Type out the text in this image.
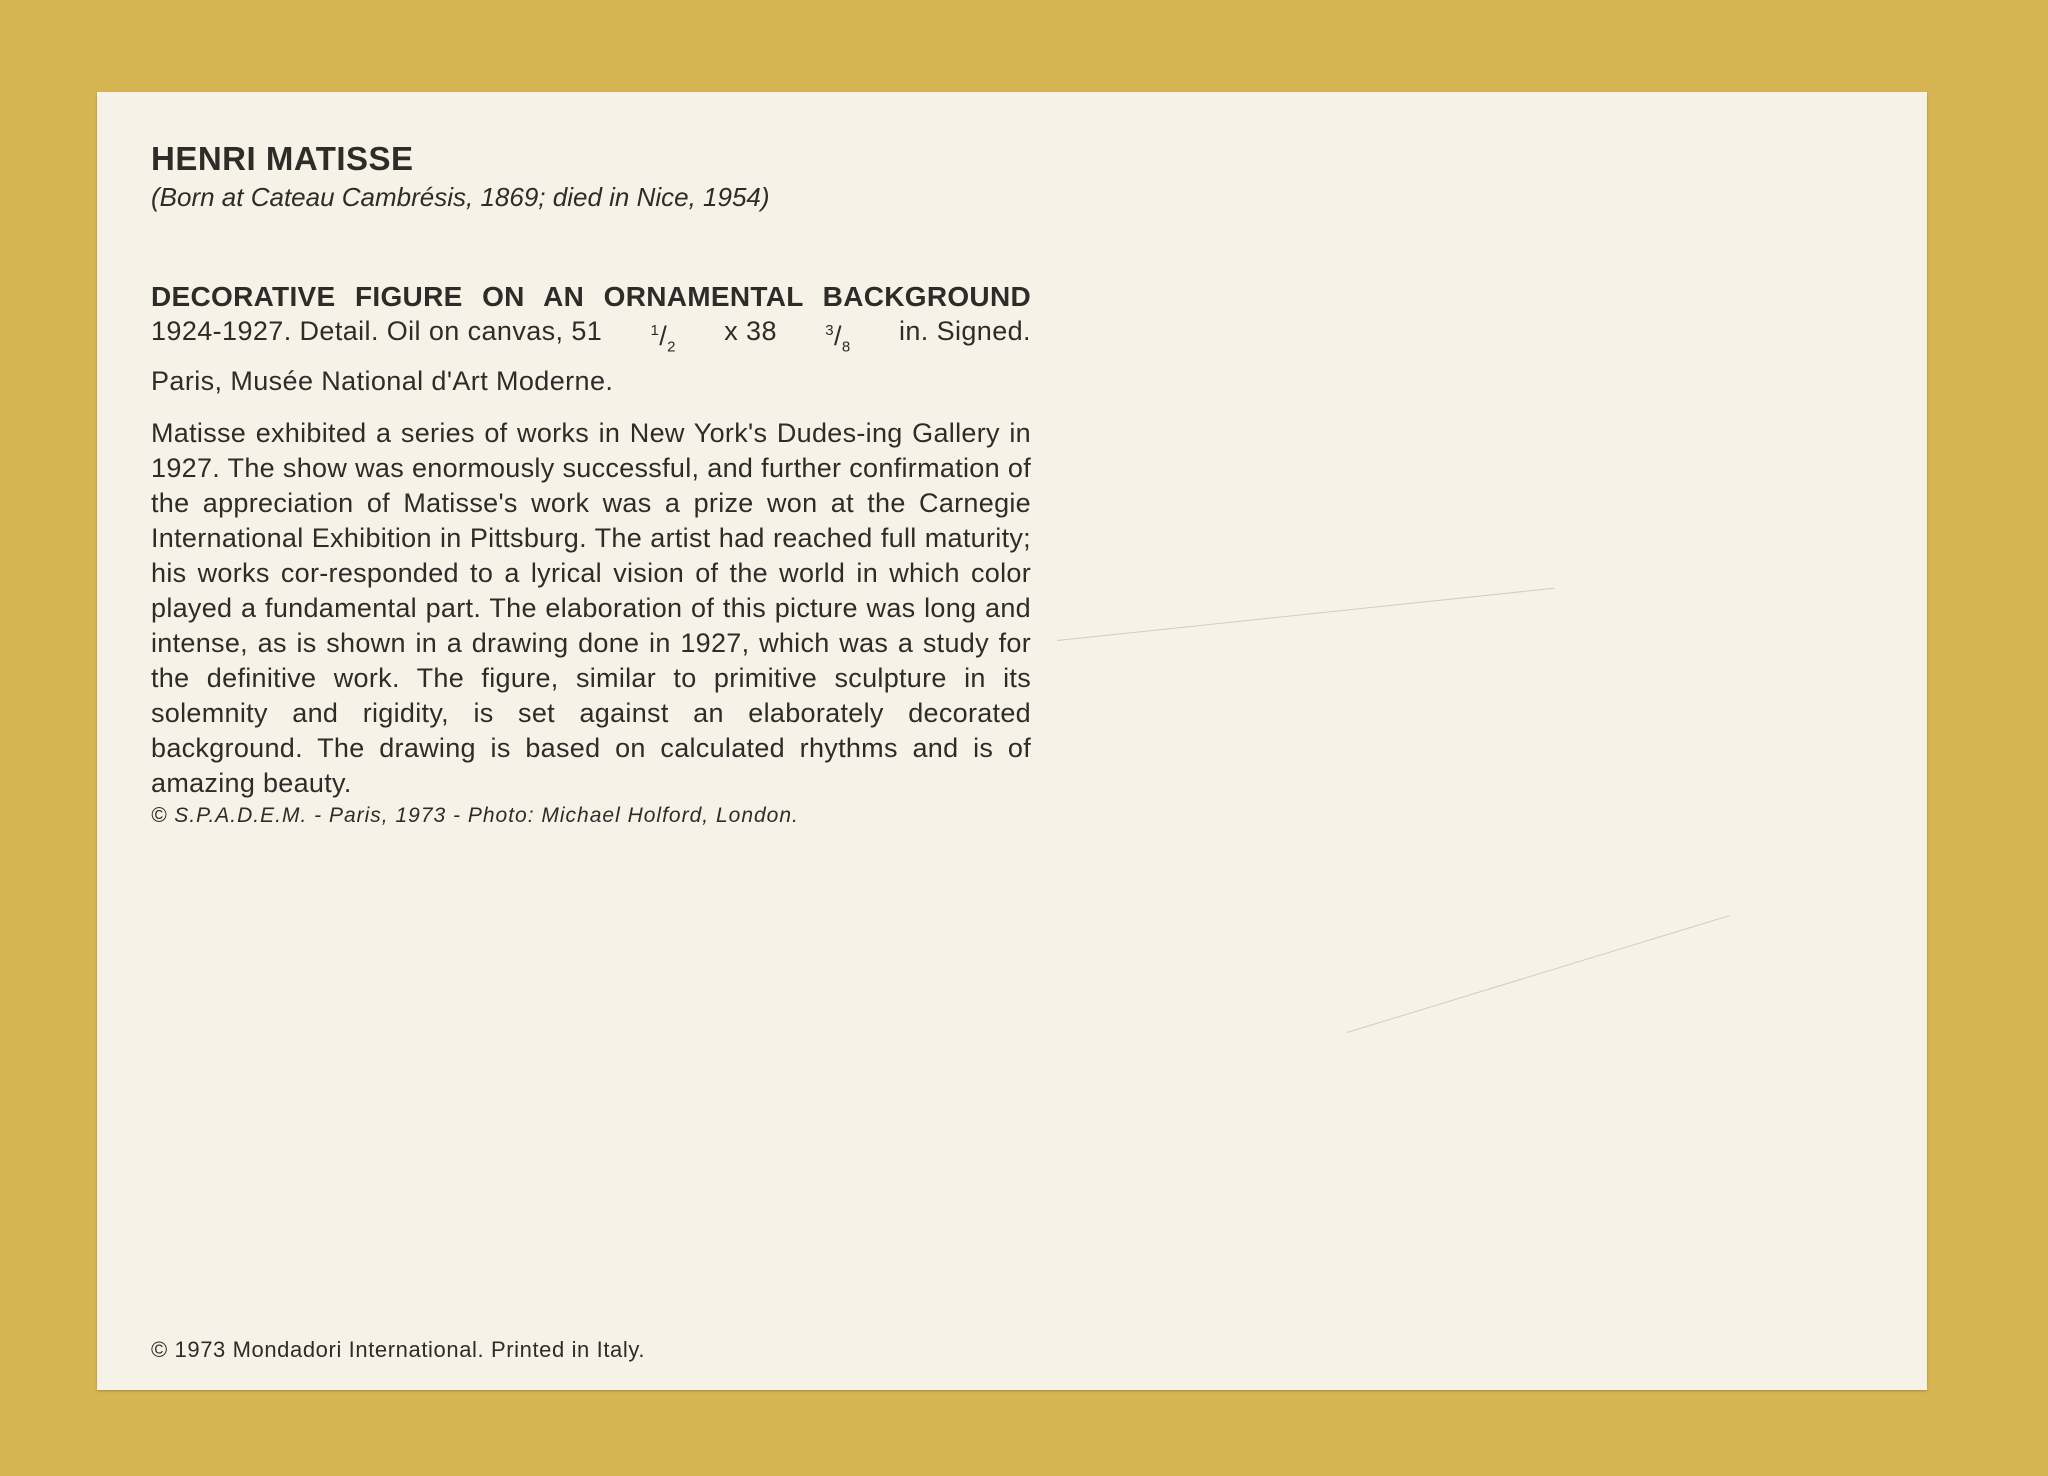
HENRI MATISSE
(Born at Cateau Cambrésis, 1869; died in Nice, 1954)
DECORATIVE FIGURE ON AN ORNAMENTAL BACKGROUND
1924-1927. Detail. Oil on canvas, 51	$^1/_2$
x 38	$^3/_8$
in. Signed.
Paris, Musée National d'Art Moderne.
Matisse exhibited a series of works in New York's Dudes-ing Gallery in 1927. The show was enormously successful, and further confirmation of the appreciation of Matisse's work was a prize won at the Carnegie International Exhibition in Pittsburg. The artist had reached full maturity; his works cor-responded to a lyrical vision of the world in which color played a fundamental part. The elaboration of this picture was long and intense, as is shown in a drawing done in 1927, which was a study for the definitive work. The figure, similar to primitive sculpture in its solemnity and rigidity, is set against an elaborately decorated background. The drawing is based on calculated rhythms and is of amazing beauty.
© S.P.A.D.E.M. - Paris, 1973 - Photo: Michael Holford, London.
© 1973 Mondadori International. Printed in Italy.
